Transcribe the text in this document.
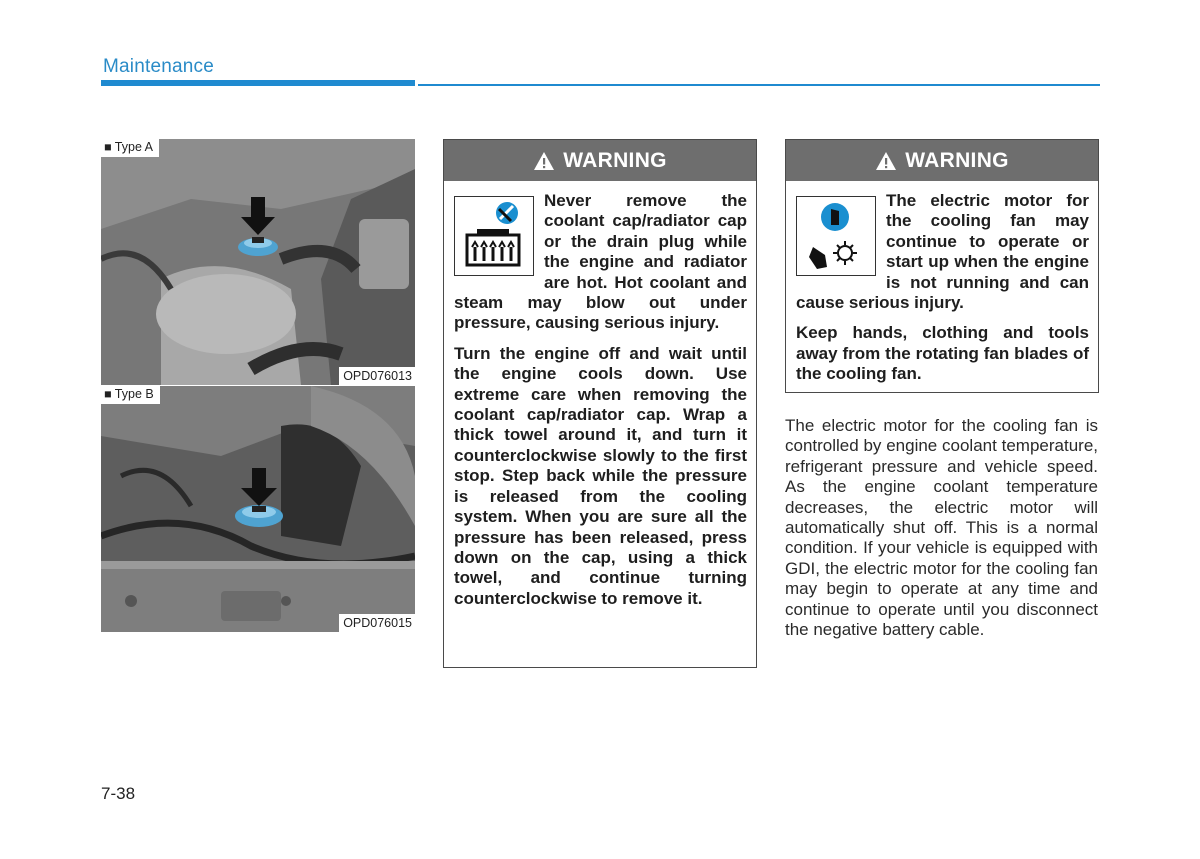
Maintenance
■ Type A
OPD076013
■ Type B
OPD076015
WARNING

Never remove the coolant cap/radiator cap or the drain plug while the engine and radiator are hot. Hot coolant and steam may blow out under pressure, causing serious injury.

Turn the engine off and wait until the engine cools down. Use extreme care when removing the coolant cap/radiator cap. Wrap a thick towel around it, and turn it counterclockwise slowly to the first stop. Step back while the pressure is released from the cooling system. When you are sure all the pressure has been released, press down on the cap, using a thick towel, and continue turning counterclockwise to remove it.

WARNING

The electric motor for the cooling fan may continue to operate or start up when the engine is not running and can cause serious injury.

Keep hands, clothing and tools away from the rotating fan blades of the cooling fan.

The electric motor for the cooling fan is controlled by engine coolant temperature, refrigerant pressure and vehicle speed. As the engine coolant temperature decreases, the electric motor will automatically shut off. This is a normal condition. If your vehicle is equipped with GDI, the electric motor for the cooling fan may begin to operate at any time and continue to operate until you disconnect the negative battery cable.

7-38
